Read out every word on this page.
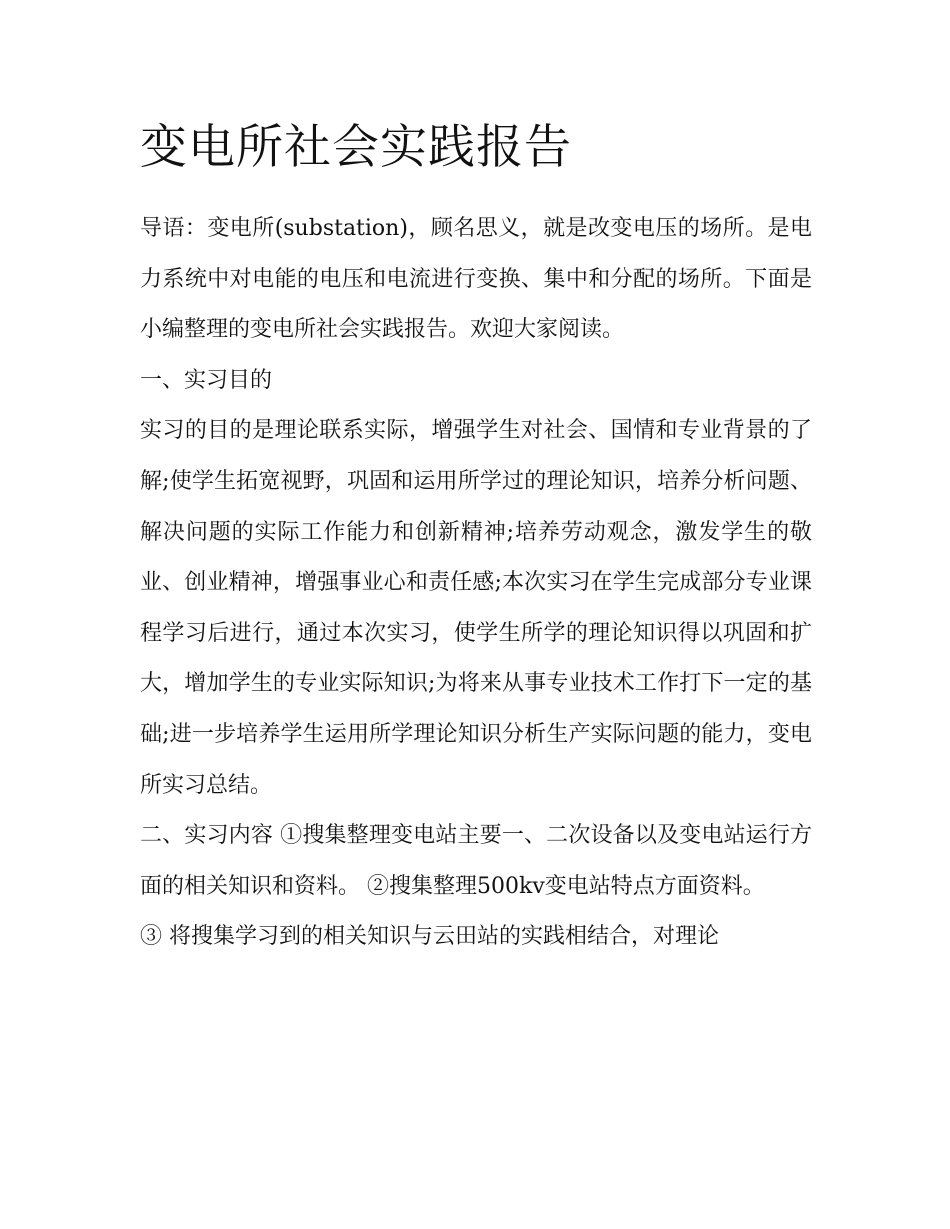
变电所社会实践报告

导语：变电所(substation)，顾名思义，就是改变电压的场所。是电力系统中对电能的电压和电流进行变换、集中和分配的场所。下面是小编整理的变电所社会实践报告。欢迎大家阅读。

一、实习目的

实习的目的是理论联系实际，增强学生对社会、国情和专业背景的了解;使学生拓宽视野，巩固和运用所学过的理论知识，培养分析问题、解决问题的实际工作能力和创新精神;培养劳动观念，激发学生的敬业、创业精神，增强事业心和责任感;本次实习在学生完成部分专业课程学习后进行，通过本次实习，使学生所学的理论知识得以巩固和扩大，增加学生的专业实际知识;为将来从事专业技术工作打下一定的基础;进一步培养学生运用所学理论知识分析生产实际问题的能力，变电所实习总结。

二、实习内容 ①搜集整理变电站主要一、二次设备以及变电站运行方面的相关知识和资料。 ②搜集整理500kv变电站特点方面资料。

③ 将搜集学习到的相关知识与云田站的实践相结合，对理论
